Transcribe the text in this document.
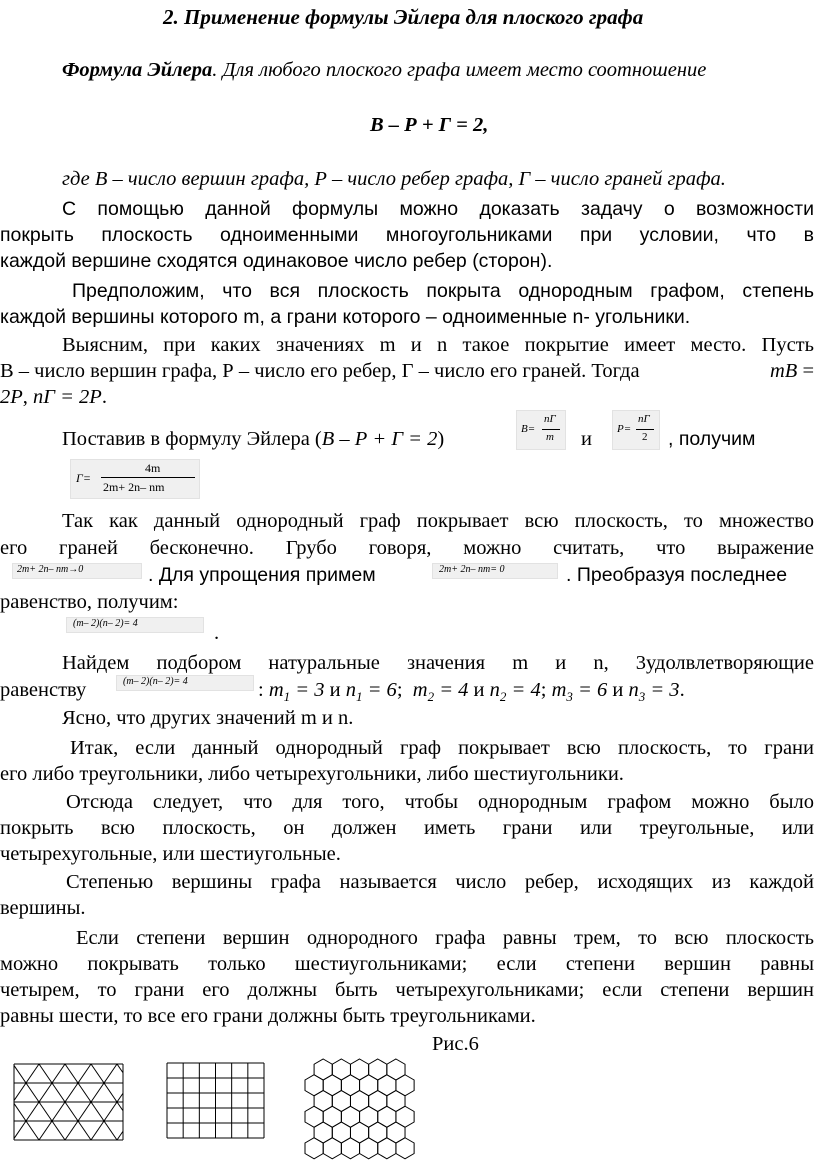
2. Применение формулы Эйлера для плоского графа
Формула Эйлера. Для любого плоского графа имеет место соотношение
В – Р + Г = 2,
где В – число вершин графа, Р – число ребер графа, Г – число граней графа.
С помощью данной формулы можно доказать задачу о возможности
покрыть плоскость одноименными многоугольниками при условии, что в
каждой вершине сходятся одинаковое число ребер (сторон).
Предположим, что вся плоскость покрыта однородным графом, степень
каждой вершины которого m, а грани которого – одноименные n- угольники.
Выясним, при каких значениях m и n такое покрытие имеет место. Пусть
В – число вершин графа, Р – число его ребер, Г – число его граней. Тогда	mB =
2P, nГ = 2P.
Поставив в формулу Эйлера (В – Р + Г = 2)	B=
nГ
m и P=
nГ
2 , получим
Г=
4m
2m+ 2n– nm
Так как данный однородный граф покрывает всю плоскость, то множество
его граней бесконечно. Грубо говоря, можно считать, что выражение
2m+ 2n– nm→0	. Для упрощения примем	2m+ 2n– nm= 0	. Преобразуя последнее
равенство, получим:
(m– 2)(n– 2)= 4	.
Найдем подбором натуральные значения m и n, 3удолвлетворяющие
равенству	(m– 2)(n– 2)= 4	: $m_1 = 3$ и $n_1 = 6$;  $m_2 = 4$ и $n_2 = 4$; $m_3 = 6$ и $n_3 = 3$.
Ясно, что других значений m и n.
Итак, если данный однородный граф покрывает всю плоскость, то грани
его либо треугольники, либо четырехугольники, либо шестиугольники.
Отсюда следует, что для того, чтобы однородным графом можно было
покрыть всю плоскость, он должен иметь грани или треугольные, или
четырехугольные, или шестиугольные.
Степенью вершины графа называется число ребер, исходящих из каждой
вершины.
Если степени вершин однородного графа равны трем, то всю плоскость
можно покрывать только шестиугольниками; если степени вершин равны
четырем, то грани его должны быть четырехугольниками; если степени вершин
равны шести, то все его грани должны быть треугольниками.
Рис.6
